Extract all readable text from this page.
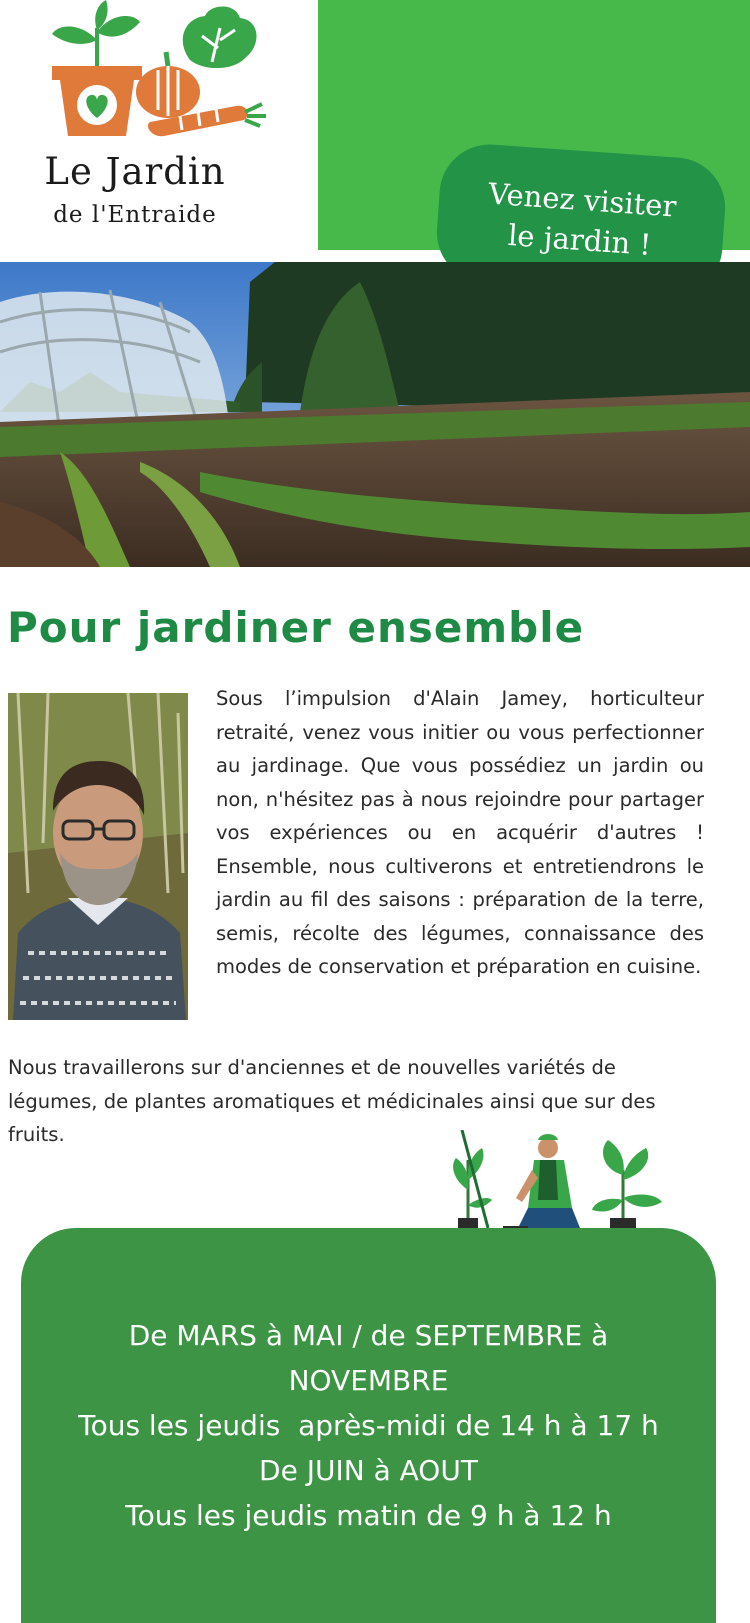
Le Jardin
de l'Entraide	Venez visiter
le jardin !
Pour jardiner ensemble

Sous l’impulsion d'Alain Jamey, horticulteur retraité, venez vous initier ou vous perfectionner au jardinage. Que vous possédiez un jardin ou non, n'hésitez pas à nous rejoindre pour partager vos expériences ou en acquérir d'autres ! Ensemble, nous cultiverons et entretiendrons le jardin au fil des saisons : préparation de la terre, semis, récolte des légumes, connaissance des modes de conservation et préparation en cuisine.

Nous travaillerons sur d'anciennes et de nouvelles variétés de légumes, de plantes aromatiques et médicinales ainsi que sur des fruits.

De MARS à MAI / de SEPTEMBRE à
NOVEMBRE
Tous les jeudis  après-midi de 14 h à 17 h
De JUIN à AOUT
Tous les jeudis matin de 9 h à 12 h
